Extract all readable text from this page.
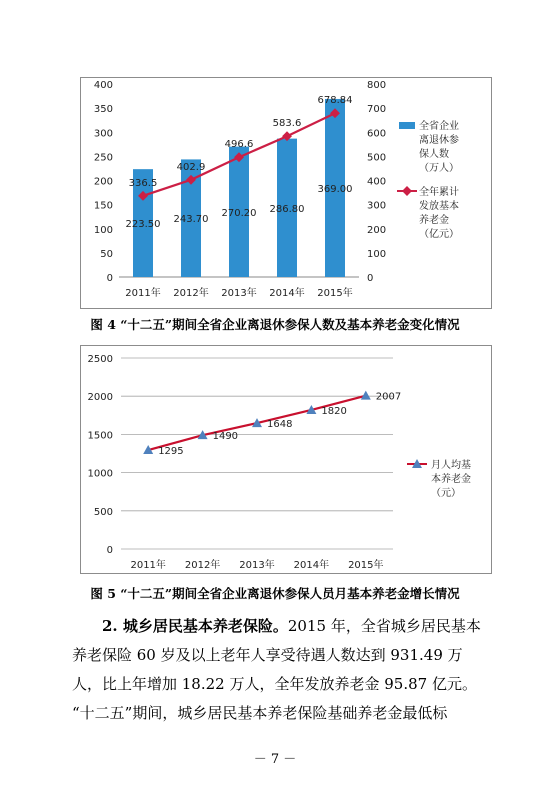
0
50
100
150
200
250
300
350
400
0
100
200
300
400
500
600
700
800
2011年 2012年 2013年 2014年 2015年
223.50 243.70
270.20 286.80
369.00
336.5
402.9
496.6
583.6
678.84
全省企业
离退休参
保人数
（万人）
全年累计
发放基本
养老金
（亿元）
图 4 “十二五”期间全省企业离退休参保人数及基本养老金变化情况
0
500
1000
1500
2000
2500
2011年 2012年 2013年 2014年 2015年
1295
1490
1648
1820
2007
月人均基
本养老金
（元）
图 5 “十二五”期间全省企业离退休参保人员月基本养老金增长情况
2. 城乡居民基本养老保险。2015 年，全省城乡居民基本
养老保险 60 岁及以上老年人享受待遇人数达到 931.49 万
人，比上年增加 18.22 万人，全年发放养老金 95.87 亿元。
“十二五”期间，城乡居民基本养老保险基础养老金最低标
－ 7 －
